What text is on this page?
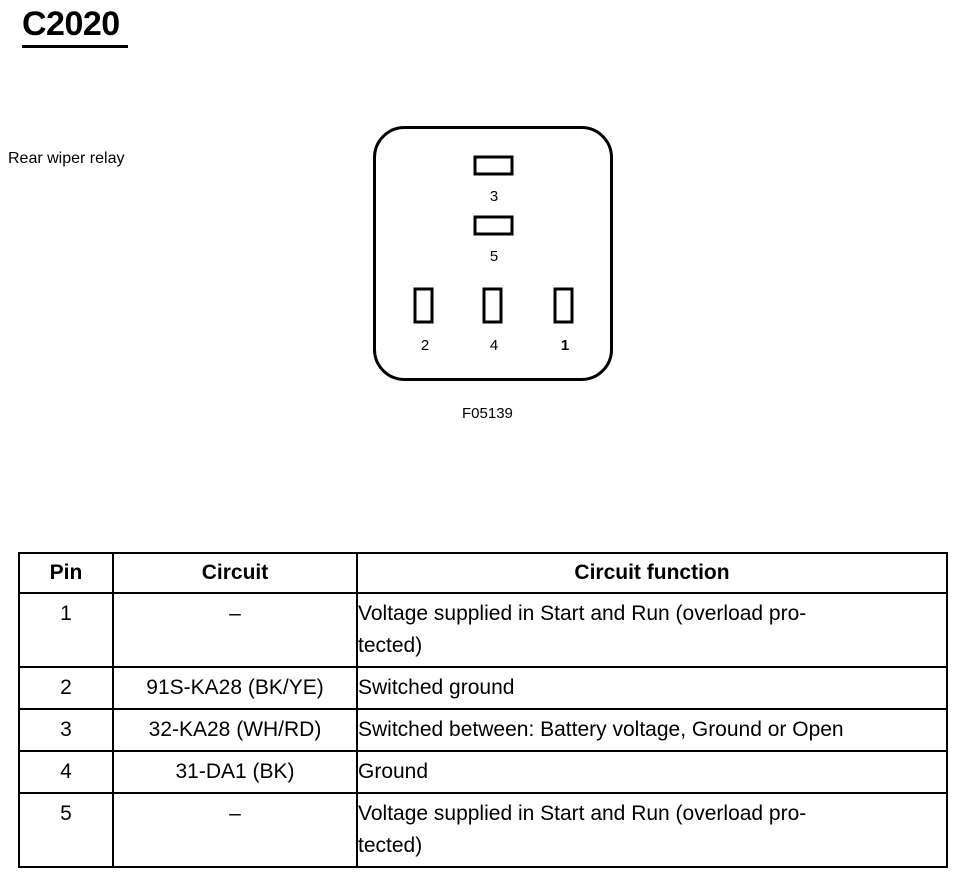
C2020
Rear wiper relay
3
5
2	4	1
F05139
Pin	Circuit	Circuit function
1	–	Voltage supplied in Start and Run (overload pro-
tected)

2	91S-KA28 (BK/YE)	Switched ground

3	32-KA28 (WH/RD)	Switched between: Battery voltage, Ground or Open

4	31-DA1 (BK)	Ground

5	–	Voltage supplied in Start and Run (overload pro-
tected)
